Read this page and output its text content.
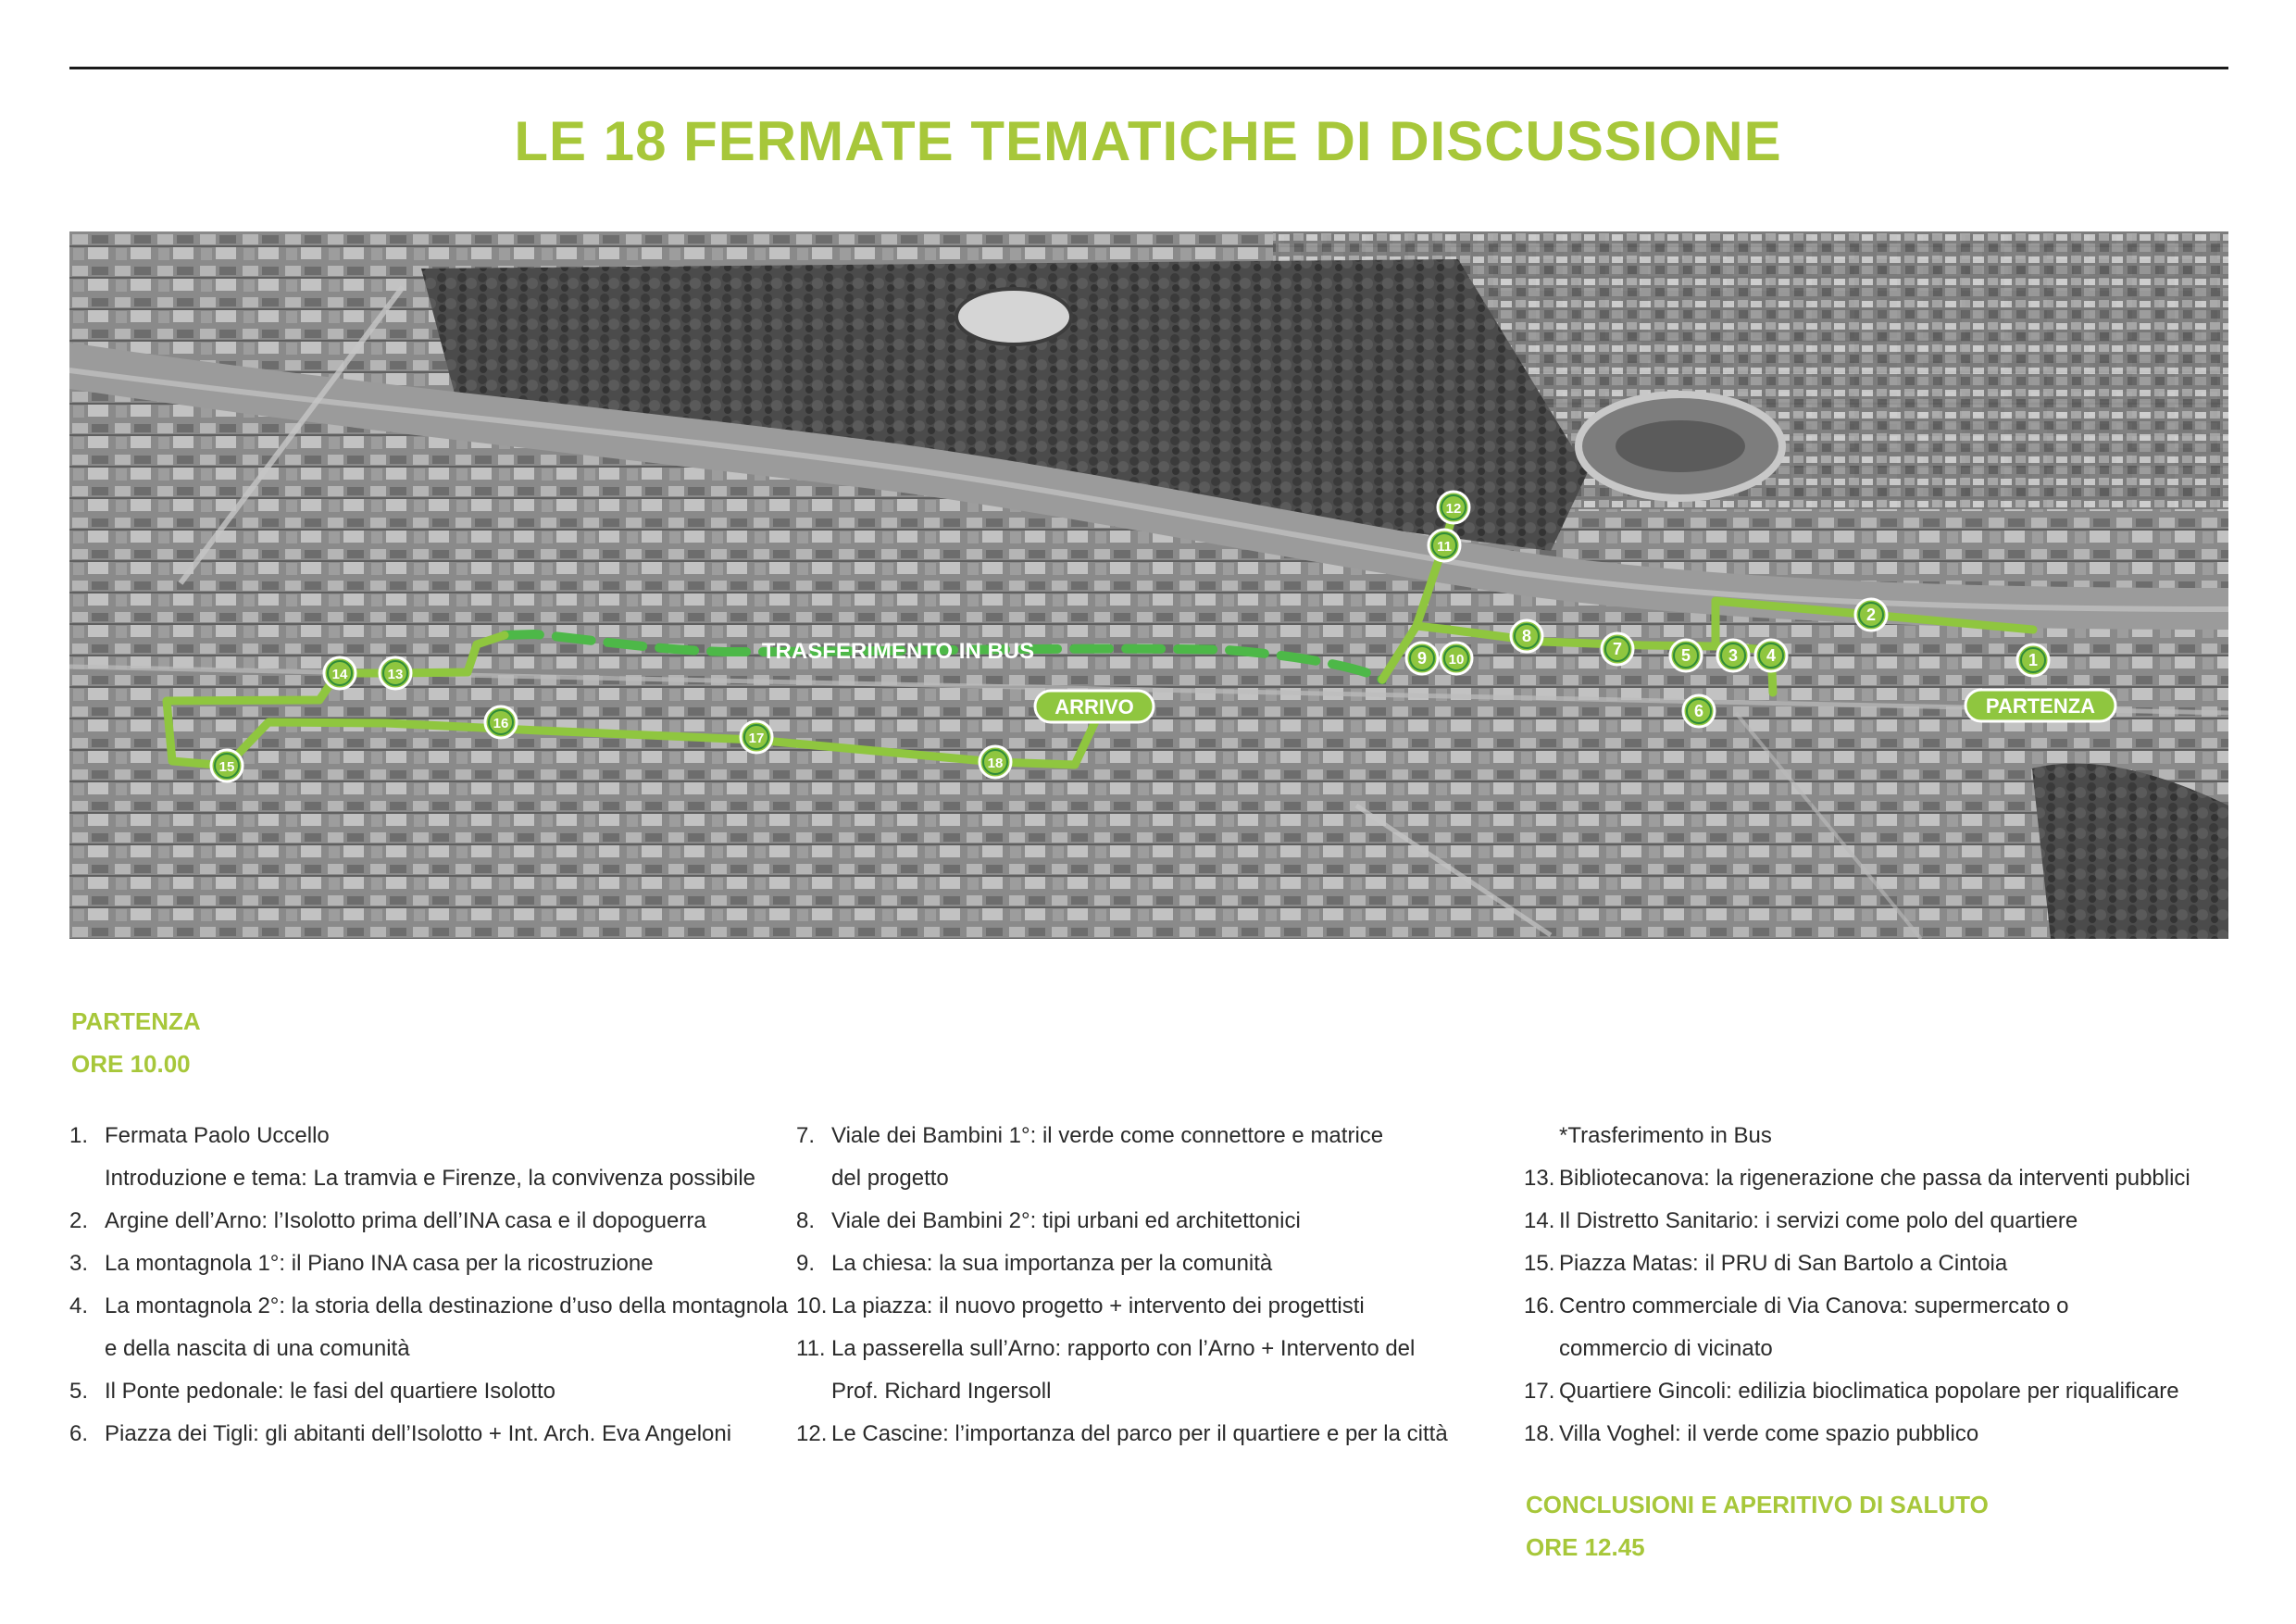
LE 18 FERMATE TEMATICHE DI DISCUSSIONE
1
2
3 4
5
6
7
8
9 10
11
12
13
14
15
16
17
18
TRASFERIMENTO IN BUS
ARRIVO	PARTENZA
PARTENZA
ORE 10.00
1. Fermata Paolo Uccello
Introduzione e tema: La tramvia e Firenze, la convivenza possibile
2. Argine dell’Arno: l’Isolotto prima dell’INA casa e il dopoguerra
3. La montagnola 1°: il Piano INA casa per la ricostruzione
4. La montagnola 2°: la storia della destinazione d’uso della montagnola
e della nascita di una comunità
5. Il Ponte pedonale: le fasi del quartiere Isolotto
6. Piazza dei Tigli: gli abitanti dell’Isolotto + Int. Arch. Eva Angeloni
7. Viale dei Bambini 1°: il verde come connettore e matrice
del progetto
8. Viale dei Bambini 2°: tipi urbani ed architettonici
9. La chiesa: la sua importanza per la comunità
10. La piazza: il nuovo progetto + intervento dei progettisti
11. La passerella sull’Arno: rapporto con l’Arno + Intervento del
Prof. Richard Ingersoll
12. Le Cascine: l’importanza del parco per il quartiere e per la città
*Trasferimento in Bus
13. Bibliotecanova: la rigenerazione che passa da interventi pubblici
14. Il Distretto Sanitario: i servizi come polo del quartiere
15. Piazza Matas: il PRU di San Bartolo a Cintoia
16. Centro commerciale di Via Canova: supermercato o
commercio di vicinato
17. Quartiere Gincoli: edilizia bioclimatica popolare per riqualificare
18. Villa Voghel: il verde come spazio pubblico
CONCLUSIONI E APERITIVO DI SALUTO
ORE 12.45
